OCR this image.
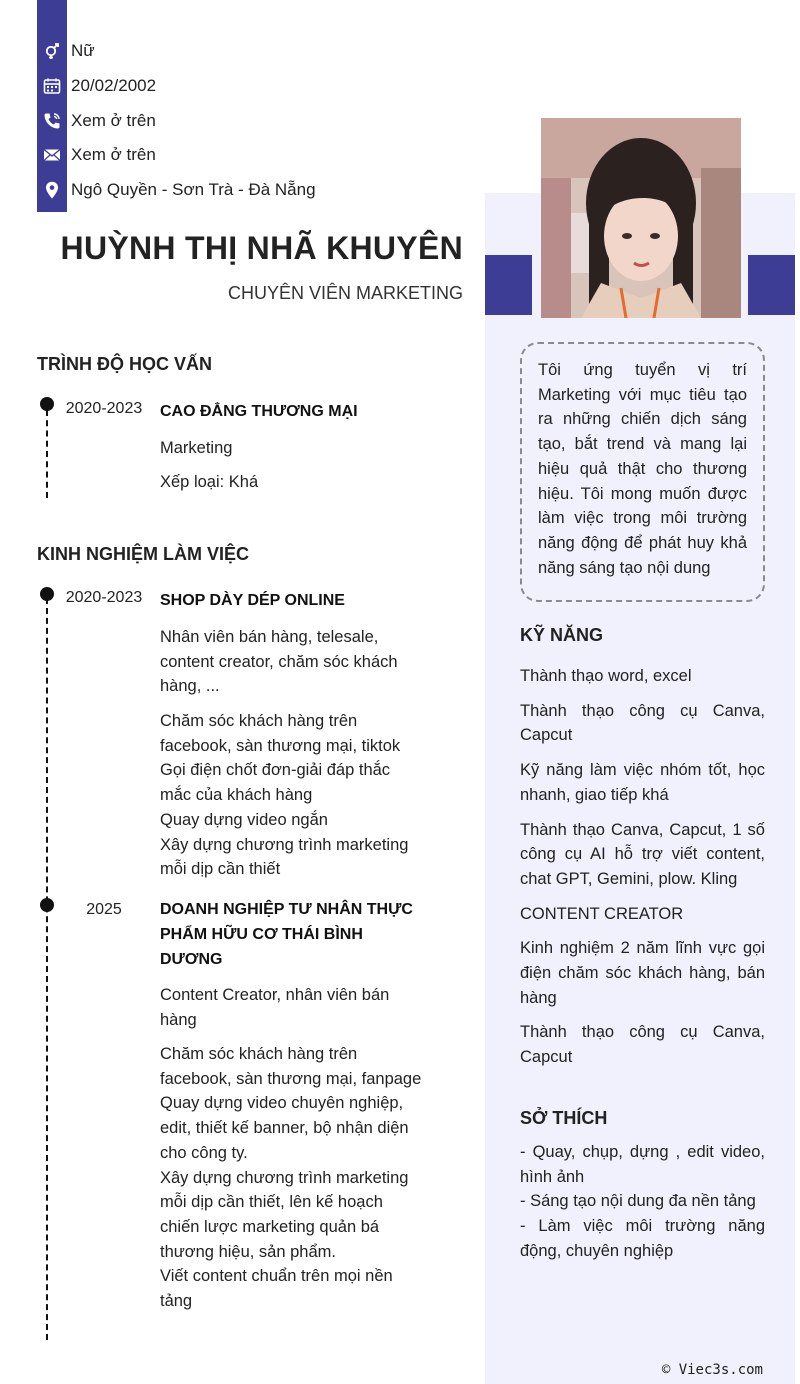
Nữ
20/02/2002
Xem ở trên
Xem ở trên
Ngô Quyền - Sơn Trà - Đà Nẵng
HUỲNH THỊ NHÃ KHUYÊN
CHUYÊN VIÊN MARKETING

Tôi ứng tuyển vị trí Marketing với mục tiêu tạo ra những chiến dịch sáng tạo, bắt trend và mang lại hiệu quả thật cho thương hiệu. Tôi mong muốn được làm việc trong môi trường năng động để phát huy khả năng sáng tạo nội dung

KỸ NĂNG
Thành thạo word, excel
Thành thạo công cụ Canva, Capcut
Kỹ năng làm việc nhóm tốt, học nhanh, giao tiếp khá
Thành thạo Canva, Capcut, 1 số công cụ AI hỗ trợ viết content, chat GPT, Gemini, plow. Kling
CONTENT CREATOR
Kinh nghiệm 2 năm lĩnh vực gọi điện chăm sóc khách hàng, bán hàng
Thành thạo công cụ Canva, Capcut
SỞ THÍCH
- Quay, chụp, dựng , edit video, hình ảnh
- Sáng tạo nội dung đa nền tảng
- Làm việc môi trường năng động, chuyên nghiệp
TRÌNH ĐỘ HỌC VẤN
2020-2023	CAO ĐẲNG THƯƠNG MẠI
Marketing
Xếp loại: Khá
KINH NGHIỆM LÀM VIỆC
2020-2023	SHOP DÀY DÉP ONLINE
Nhân viên bán hàng, telesale, content creator, chăm sóc khách hàng, ...
Chăm sóc khách hàng trên facebook, sàn thương mại, tiktok
Gọi điện chốt đơn-giải đáp thắc mắc của khách hàng
Quay dựng video ngắn
Xây dựng chương trình marketing mỗi dịp cần thiết
2025	DOANH NGHIỆP TƯ NHÂN THỰC PHẨM HỮU CƠ THÁI BÌNH DƯƠNG
Content Creator, nhân viên bán hàng
Chăm sóc khách hàng trên facebook, sàn thương mại, fanpage
Quay dựng video chuyên nghiệp, edit, thiết kế banner, bộ nhận diện cho công ty.
Xây dựng chương trình marketing mỗi dịp cần thiết, lên kế hoạch chiến lược marketing quản bá thương hiệu, sản phẩm.
Viết content chuẩn trên mọi nền tảng
© Viec3s.com
